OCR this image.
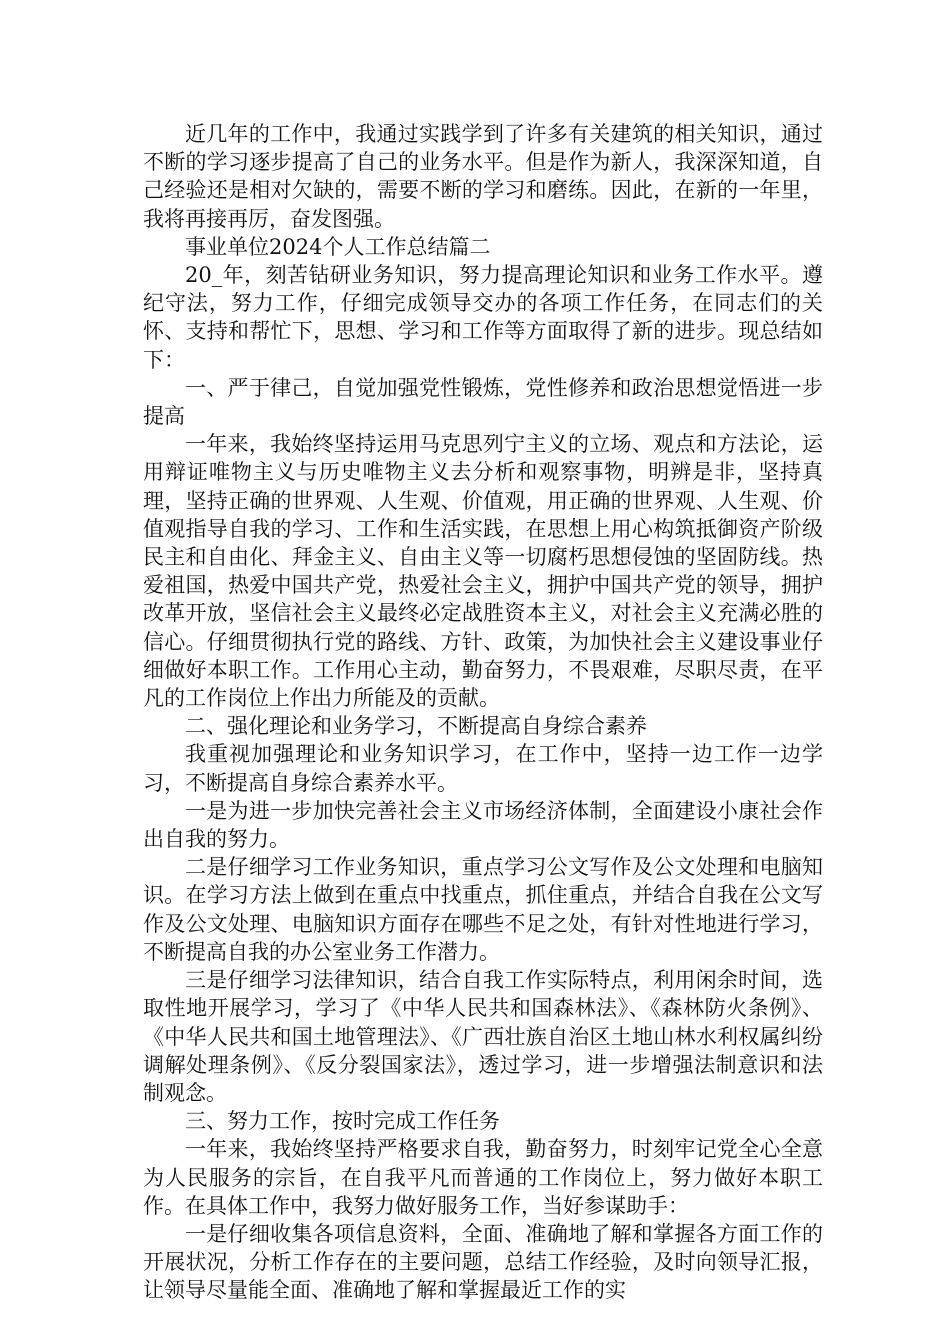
近几年的工作中，我通过实践学到了许多有关建筑的相关知识，通过不断的学习逐步提高了自己的业务水平。但是作为新人，我深深知道，自己经验还是相对欠缺的，需要不断的学习和磨练。因此，在新的一年里，我将再接再厉，奋发图强。

事业单位2024个人工作总结篇二

20_年，刻苦钻研业务知识，努力提高理论知识和业务工作水平。遵纪守法，努力工作，仔细完成领导交办的各项工作任务，在同志们的关怀、支持和帮忙下，思想、学习和工作等方面取得了新的进步。现总结如下：

一、严于律己，自觉加强党性锻炼，党性修养和政治思想觉悟进一步提高

一年来，我始终坚持运用马克思列宁主义的立场、观点和方法论，运用辩证唯物主义与历史唯物主义去分析和观察事物，明辨是非，坚持真理，坚持正确的世界观、人生观、价值观，用正确的世界观、人生观、价值观指导自我的学习、工作和生活实践，在思想上用心构筑抵御资产阶级民主和自由化、拜金主义、自由主义等一切腐朽思想侵蚀的坚固防线。热爱祖国，热爱中国共产党，热爱社会主义，拥护中国共产党的领导，拥护改革开放，坚信社会主义最终必定战胜资本主义，对社会主义充满必胜的信心。仔细贯彻执行党的路线、方针、政策，为加快社会主义建设事业仔细做好本职工作。工作用心主动，勤奋努力，不畏艰难，尽职尽责，在平凡的工作岗位上作出力所能及的贡献。

二、强化理论和业务学习，不断提高自身综合素养

我重视加强理论和业务知识学习，在工作中，坚持一边工作一边学习，不断提高自身综合素养水平。

一是为进一步加快完善社会主义市场经济体制，全面建设小康社会作出自我的努力。

二是仔细学习工作业务知识，重点学习公文写作及公文处理和电脑知识。在学习方法上做到在重点中找重点，抓住重点，并结合自我在公文写作及公文处理、电脑知识方面存在哪些不足之处，有针对性地进行学习，不断提高自我的办公室业务工作潜力。

三是仔细学习法律知识，结合自我工作实际特点，利用闲余时间，选取性地开展学习，学习了《中华人民共和国森林法》、《森林防火条例》、《中华人民共和国土地管理法》、《广西壮族自治区土地山林水利权属纠纷调解处理条例》、《反分裂国家法》，透过学习，进一步增强法制意识和法制观念。

三、努力工作，按时完成工作任务

一年来，我始终坚持严格要求自我，勤奋努力，时刻牢记党全心全意为人民服务的宗旨，在自我平凡而普通的工作岗位上，努力做好本职工作。在具体工作中，我努力做好服务工作，当好参谋助手：

一是仔细收集各项信息资料，全面、准确地了解和掌握各方面工作的开展状况，分析工作存在的主要问题，总结工作经验，及时向领导汇报，让领导尽量能全面、准确地了解和掌握最近工作的实
